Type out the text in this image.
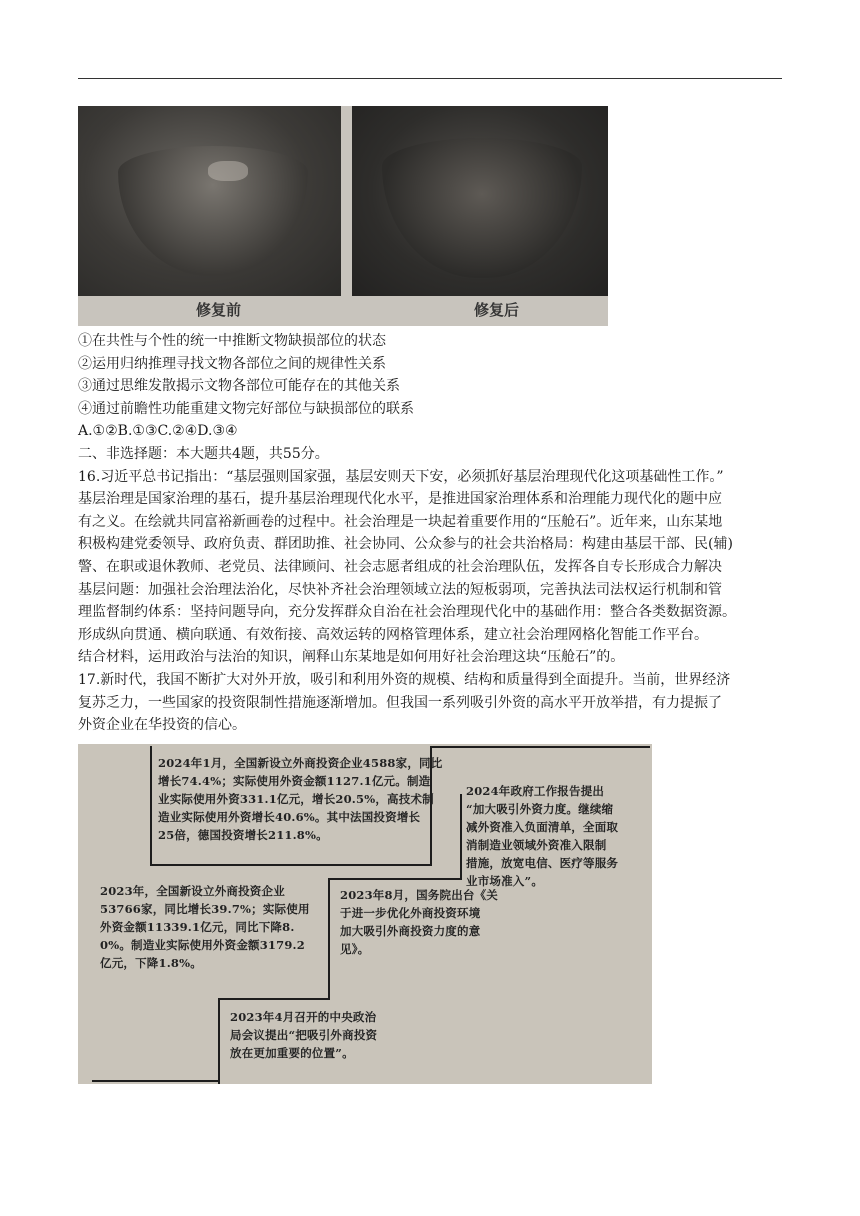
修复前	修复后
①在共性与个性的统一中推断文物缺损部位的状态
②运用归纳推理寻找文物各部位之间的规律性关系
③通过思维发散揭示文物各部位可能存在的其他关系
④通过前瞻性功能重建文物完好部位与缺损部位的联系
A.①②B.①③C.②④D.③④
二、非选择题：本大题共4题，共55分。
16.习近平总书记指出：“基层强则国家强，基层安则天下安，必须抓好基层治理现代化这项基础性工作。”
基层治理是国家治理的基石，提升基层治理现代化水平，是推进国家治理体系和治理能力现代化的题中应
有之义。在绘就共同富裕新画卷的过程中。社会治理是一块起着重要作用的“压舱石”。近年来，山东某地
积极构建党委领导、政府负责、群团助推、社会协同、公众参与的社会共治格局：构建由基层干部、民(辅)
警、在职或退休教师、老党员、法律顾问、社会志愿者组成的社会治理队伍，发挥各自专长形成合力解决
基层问题：加强社会治理法治化，尽快补齐社会治理领域立法的短板弱项，完善执法司法权运行机制和管
理监督制约体系：坚持问题导向，充分发挥群众自治在社会治理现代化中的基础作用：整合各类数据资源。
形成纵向贯通、横向联通、有效衔接、高效运转的网格管理体系，建立社会治理网格化智能工作平台。
结合材料，运用政治与法治的知识，阐释山东某地是如何用好社会治理这块“压舱石”的。
17.新时代，我国不断扩大对外开放，吸引和利用外资的规模、结构和质量得到全面提升。当前，世界经济
复苏乏力，一些国家的投资限制性措施逐渐增加。但我国一系列吸引外资的高水平开放举措，有力提振了
外资企业在华投资的信心。
2024年1月，全国新设立外商投资企业4588家，同比
增长74.4%；实际使用外资金额1127.1亿元。制造
业实际使用外资331.1亿元，增长20.5%，高技术制
造业实际使用外资增长40.6%。其中法国投资增长
25倍，德国投资增长211.8%。
2024年政府工作报告提出
“加大吸引外资力度。继续缩
减外资准入负面清单，全面取
消制造业领域外资准入限制
措施，放宽电信、医疗等服务
业市场准入”。
2023年，全国新设立外商投资企业
53766家，同比增长39.7%；实际使用
外资金额11339.1亿元，同比下降8.
0%。制造业实际使用外资金额3179.2
亿元，下降1.8%。
2023年8月，国务院出台《关
于进一步优化外商投资环境
加大吸引外商投资力度的意
见》。
2023年4月召开的中央政治
局会议提出“把吸引外商投资
放在更加重要的位置”。
